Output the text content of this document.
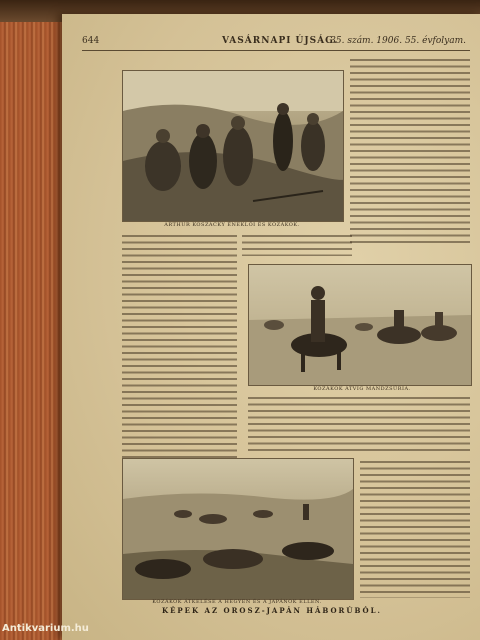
644	VASÁRNAPI ÚJSÁG.
35. szám. 1906. 55. évfolyam.
ARTHUR KOSZACKY ÉNEKLŐI ÉS KOZÁKOK.
KOZÁKOK ÁTVIG MANDZSÚRIA.
KOZÁKOK ÁTKELÉSE A HEGYEN ÉS A JAPÁNOK ELLEN.
KÉPEK AZ OROSZ-JAPÁN HÁBORÚBÓL.
Antikvarium.hu
